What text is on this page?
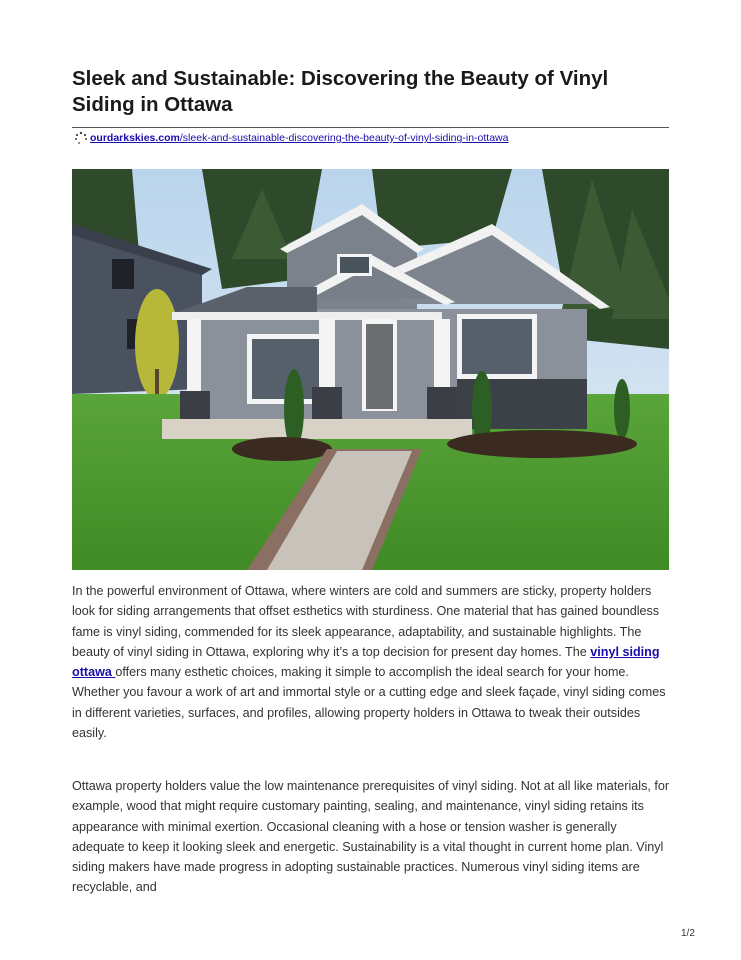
Sleek and Sustainable: Discovering the Beauty of Vinyl Siding in Ottawa
ourdarkskies.com/sleek-and-sustainable-discovering-the-beauty-of-vinyl-siding-in-ottawa

In the powerful environment of Ottawa, where winters are cold and summers are sticky, property holders look for siding arrangements that offset esthetics with sturdiness. One material that has gained boundless fame is vinyl siding, commended for its sleek appearance, adaptability, and sustainable highlights. The beauty of vinyl siding in Ottawa, exploring why it’s a top decision for present day homes. The vinyl siding ottawa offers many esthetic choices, making it simple to accomplish the ideal search for your home. Whether you favour a work of art and immortal style or a cutting edge and sleek façade, vinyl siding comes in different varieties, surfaces, and profiles, allowing property holders in Ottawa to tweak their outsides easily.

Ottawa property holders value the low maintenance prerequisites of vinyl siding. Not at all like materials, for example, wood that might require customary painting, sealing, and maintenance, vinyl siding retains its appearance with minimal exertion. Occasional cleaning with a hose or tension washer is generally adequate to keep it looking sleek and energetic. Sustainability is a vital thought in current home plan. Vinyl siding makers have made progress in adopting sustainable practices. Numerous vinyl siding items are recyclable, and

1/2
